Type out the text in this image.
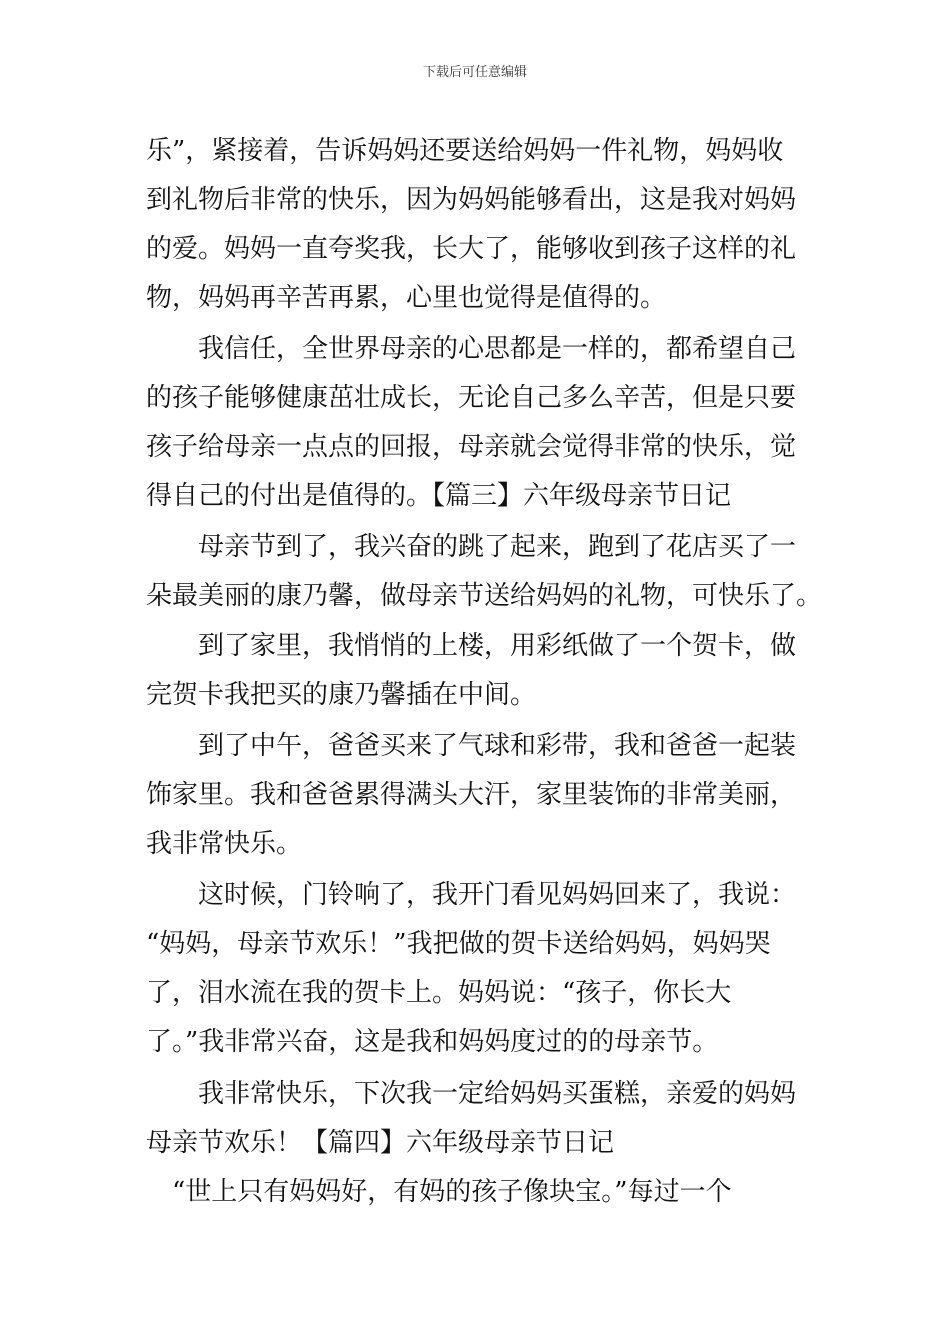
下载后可任意编辑
乐”，紧接着，告诉妈妈还要送给妈妈一件礼物，妈妈收
到礼物后非常的快乐，因为妈妈能够看出，这是我对妈妈
的爱。妈妈一直夸奖我，长大了，能够收到孩子这样的礼
物，妈妈再辛苦再累，心里也觉得是值得的。
我信任，全世界母亲的心思都是一样的，都希望自己
的孩子能够健康茁壮成长，无论自己多么辛苦，但是只要
孩子给母亲一点点的回报，母亲就会觉得非常的快乐，觉
得自己的付出是值得的。【篇三】六年级母亲节日记
母亲节到了，我兴奋的跳了起来，跑到了花店买了一
朵最美丽的康乃馨，做母亲节送给妈妈的礼物，可快乐了。
到了家里，我悄悄的上楼，用彩纸做了一个贺卡，做
完贺卡我把买的康乃馨插在中间。
到了中午，爸爸买来了气球和彩带，我和爸爸一起装
饰家里。我和爸爸累得满头大汗，家里装饰的非常美丽，
我非常快乐。
这时候，门铃响了，我开门看见妈妈回来了，我说：
“妈妈，母亲节欢乐！”我把做的贺卡送给妈妈，妈妈哭
了，泪水流在我的贺卡上。妈妈说：“孩子，你长大
了。”我非常兴奋，这是我和妈妈度过的的母亲节。
我非常快乐，下次我一定给妈妈买蛋糕，亲爱的妈妈
母亲节欢乐！【篇四】六年级母亲节日记
“世上只有妈妈好，有妈的孩子像块宝。”每过一个
